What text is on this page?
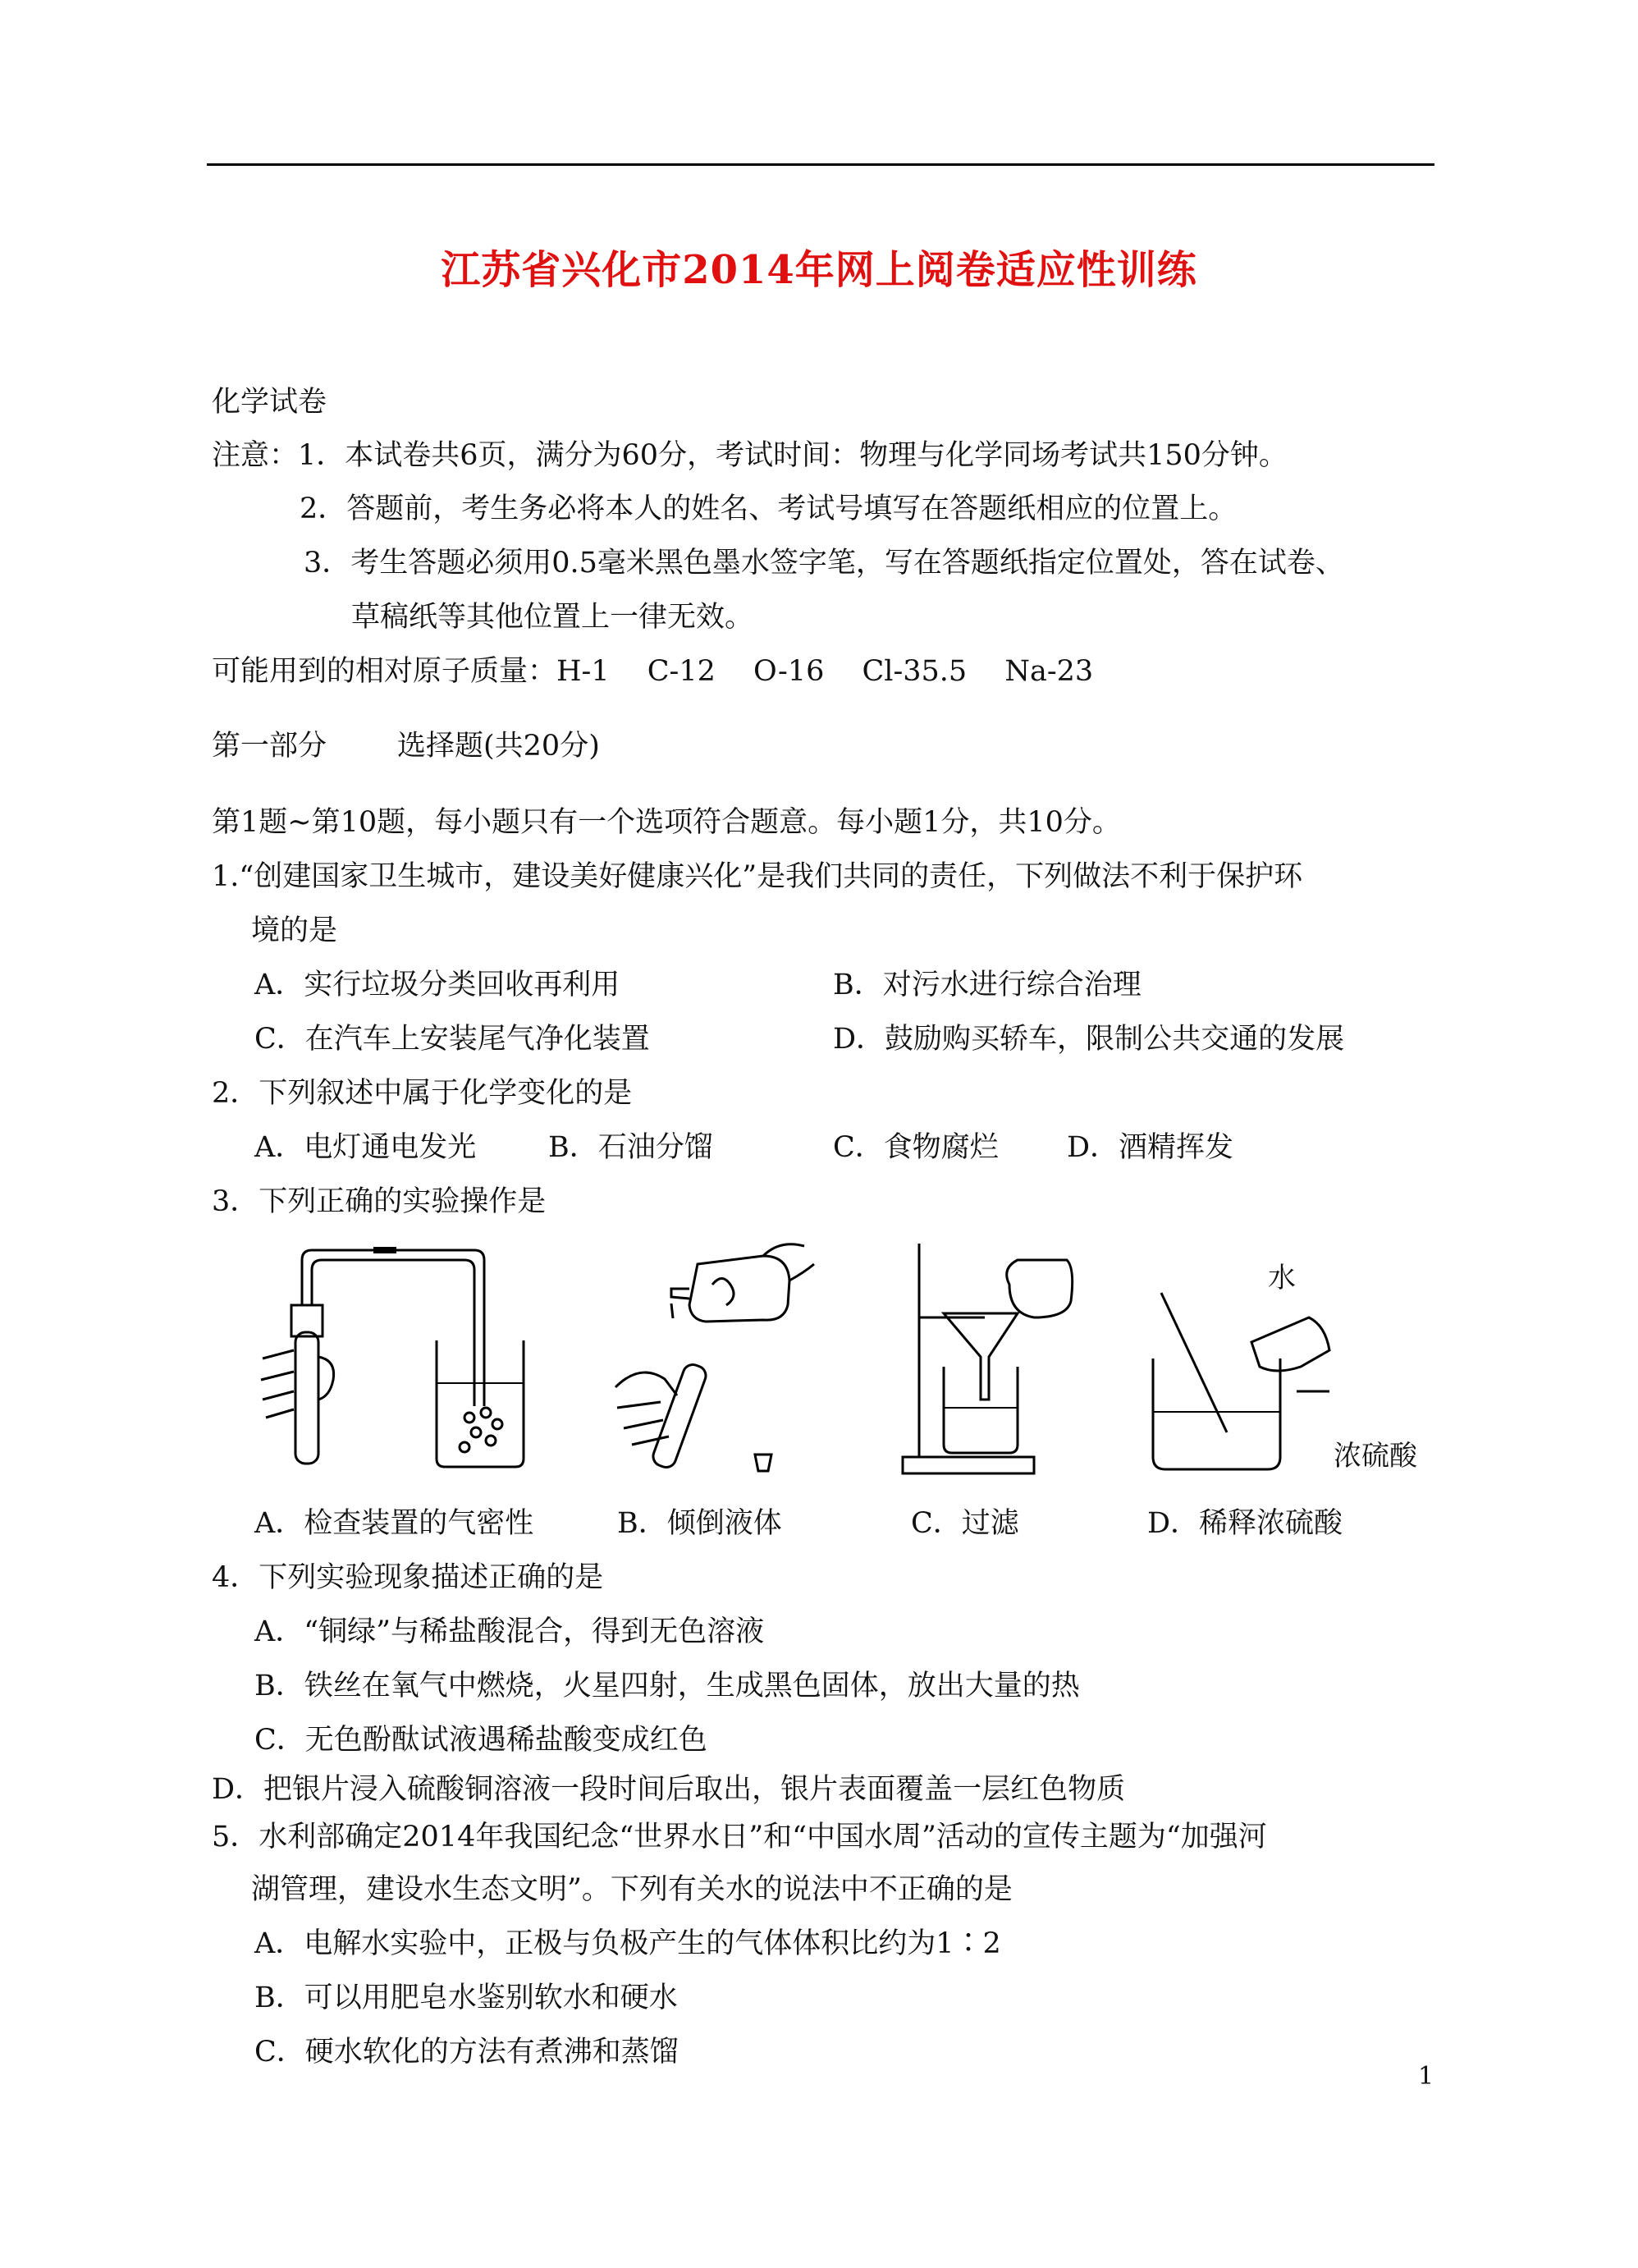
江苏省兴化市2014年网上阅卷适应性训练
化学试卷
注意：1．本试卷共6页，满分为60分，考试时间：物理与化学同场考试共150分钟。
2．答题前，考生务必将本人的姓名、考试号填写在答题纸相应的位置上。
3．考生答题必须用0.5毫米黑色墨水签字笔，写在答题纸指定位置处，答在试卷、
草稿纸等其他位置上一律无效。
可能用到的相对原子质量：H-1　 C-12　 O-16　 Cl-35.5　 Na-23
第一部分 选择题(共20分)
第1题~第10题，每小题只有一个选项符合题意。每小题1分，共10分。
1.“创建国家卫生城市，建设美好健康兴化”是我们共同的责任，下列做法不利于保护环
境的是
A．实行垃圾分类回收再利用	B．对污水进行综合治理
C．在汽车上安装尾气净化装置	D．鼓励购买轿车，限制公共交通的发展
2．下列叙述中属于化学变化的是
A．电灯通电发光	B．石油分馏	C．食物腐烂 D．酒精挥发
3．下列正确的实验操作是
水
浓硫酸
A．检查装置的气密性	B．倾倒液体	C．过滤	D．稀释浓硫酸
4．下列实验现象描述正确的是
A．“铜绿”与稀盐酸混合，得到无色溶液
B．铁丝在氧气中燃烧，火星四射，生成黑色固体，放出大量的热
C．无色酚酞试液遇稀盐酸变成红色
D．把银片浸入硫酸铜溶液一段时间后取出，银片表面覆盖一层红色物质
5．水利部确定2014年我国纪念“世界水日”和“中国水周”活动的宣传主题为“加强河
湖管理，建设水生态文明”。下列有关水的说法中不正确的是
A．电解水实验中，正极与负极产生的气体体积比约为1∶2
B．可以用肥皂水鉴别软水和硬水
C．硬水软化的方法有煮沸和蒸馏
1
